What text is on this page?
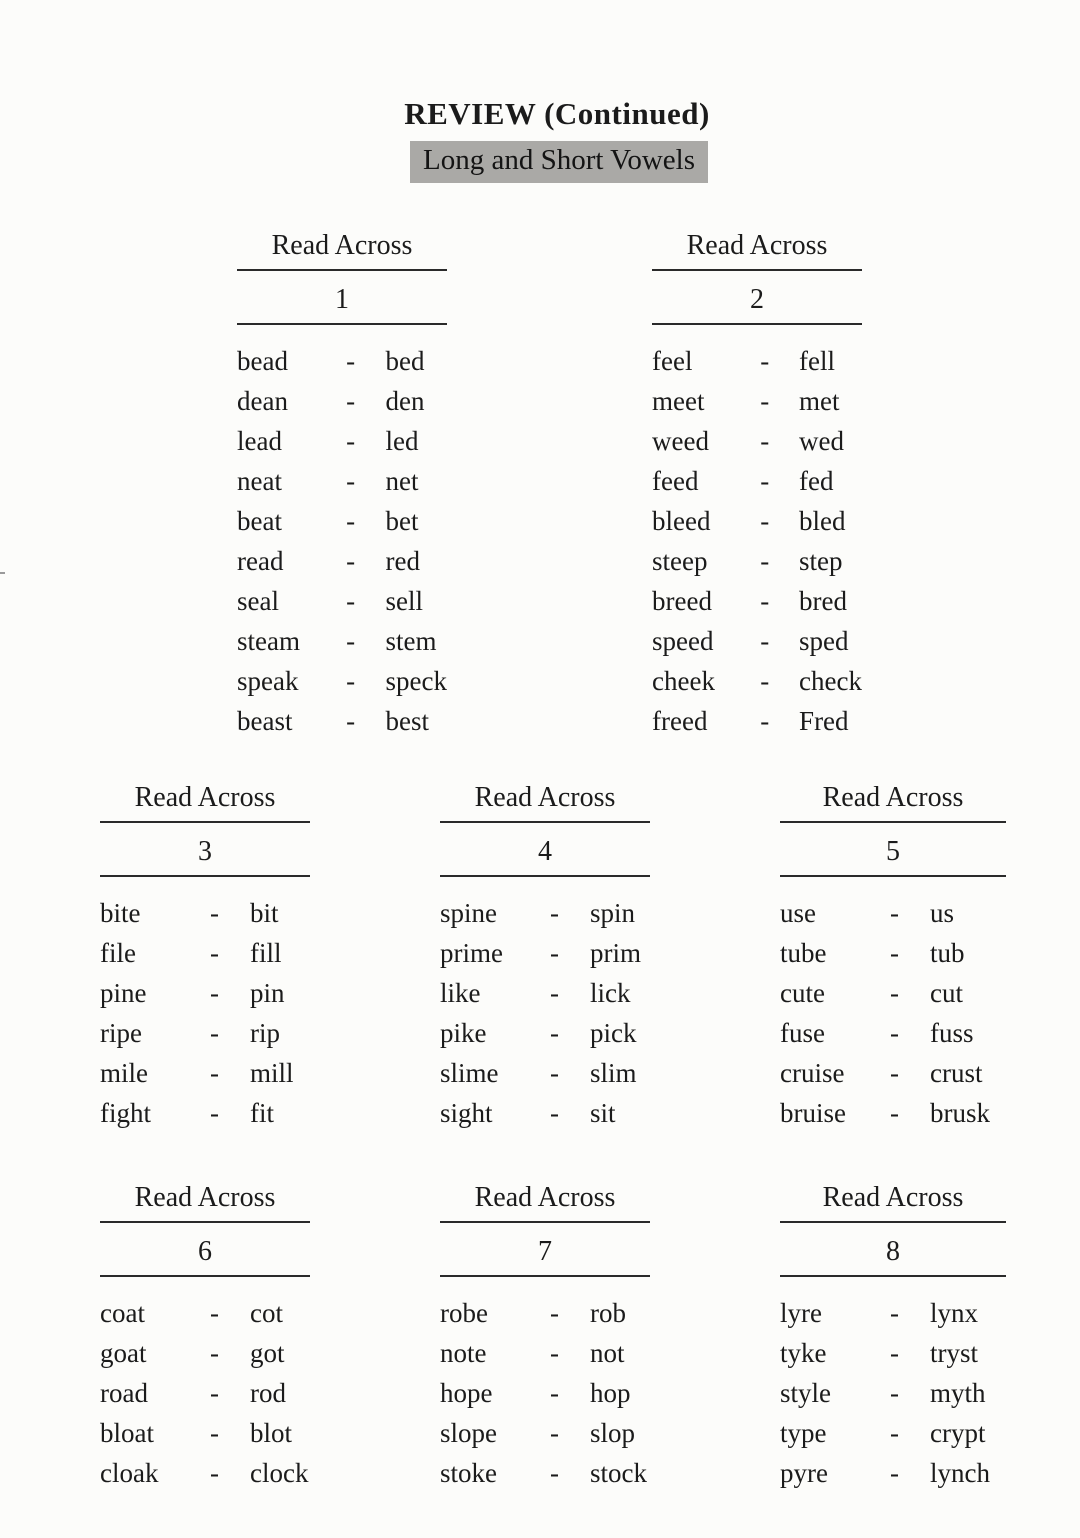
REVIEW (Continued)
Long and Short Vowels
Read Across
1
bead	-	bed
dean	-	den
lead	-	led
neat	-	net
beat	-	bet
read	-	red
seal	-	sell
steam	-	stem
speak	-	speck
beast	-	best
Read Across
2
feel	-	fell
meet	-	met
weed	-	wed
feed	-	fed
bleed	-	bled
steep	-	step
breed	-	bred
speed	-	sped
cheek	-	check
freed	-	Fred
Read Across
3
bite	-	bit
file	-	fill
pine	-	pin
ripe	-	rip
mile	-	mill
fight	-	fit
Read Across
4
spine	-	spin
prime	-	prim
like	-	lick
pike	-	pick
slime	-	slim
sight	-	sit
Read Across
5
use	-	us
tube	-	tub
cute	-	cut
fuse	-	fuss
cruise	-	crust
bruise	-	brusk
Read Across
6
coat	-	cot
goat	-	got
road	-	rod
bloat	-	blot
cloak	-	clock
Read Across
7
robe	-	rob
note	-	not
hope	-	hop
slope	-	slop
stoke	-	stock
Read Across
8
lyre	-	lynx
tyke	-	tryst
style	-	myth
type	-	crypt
pyre	-	lynch
